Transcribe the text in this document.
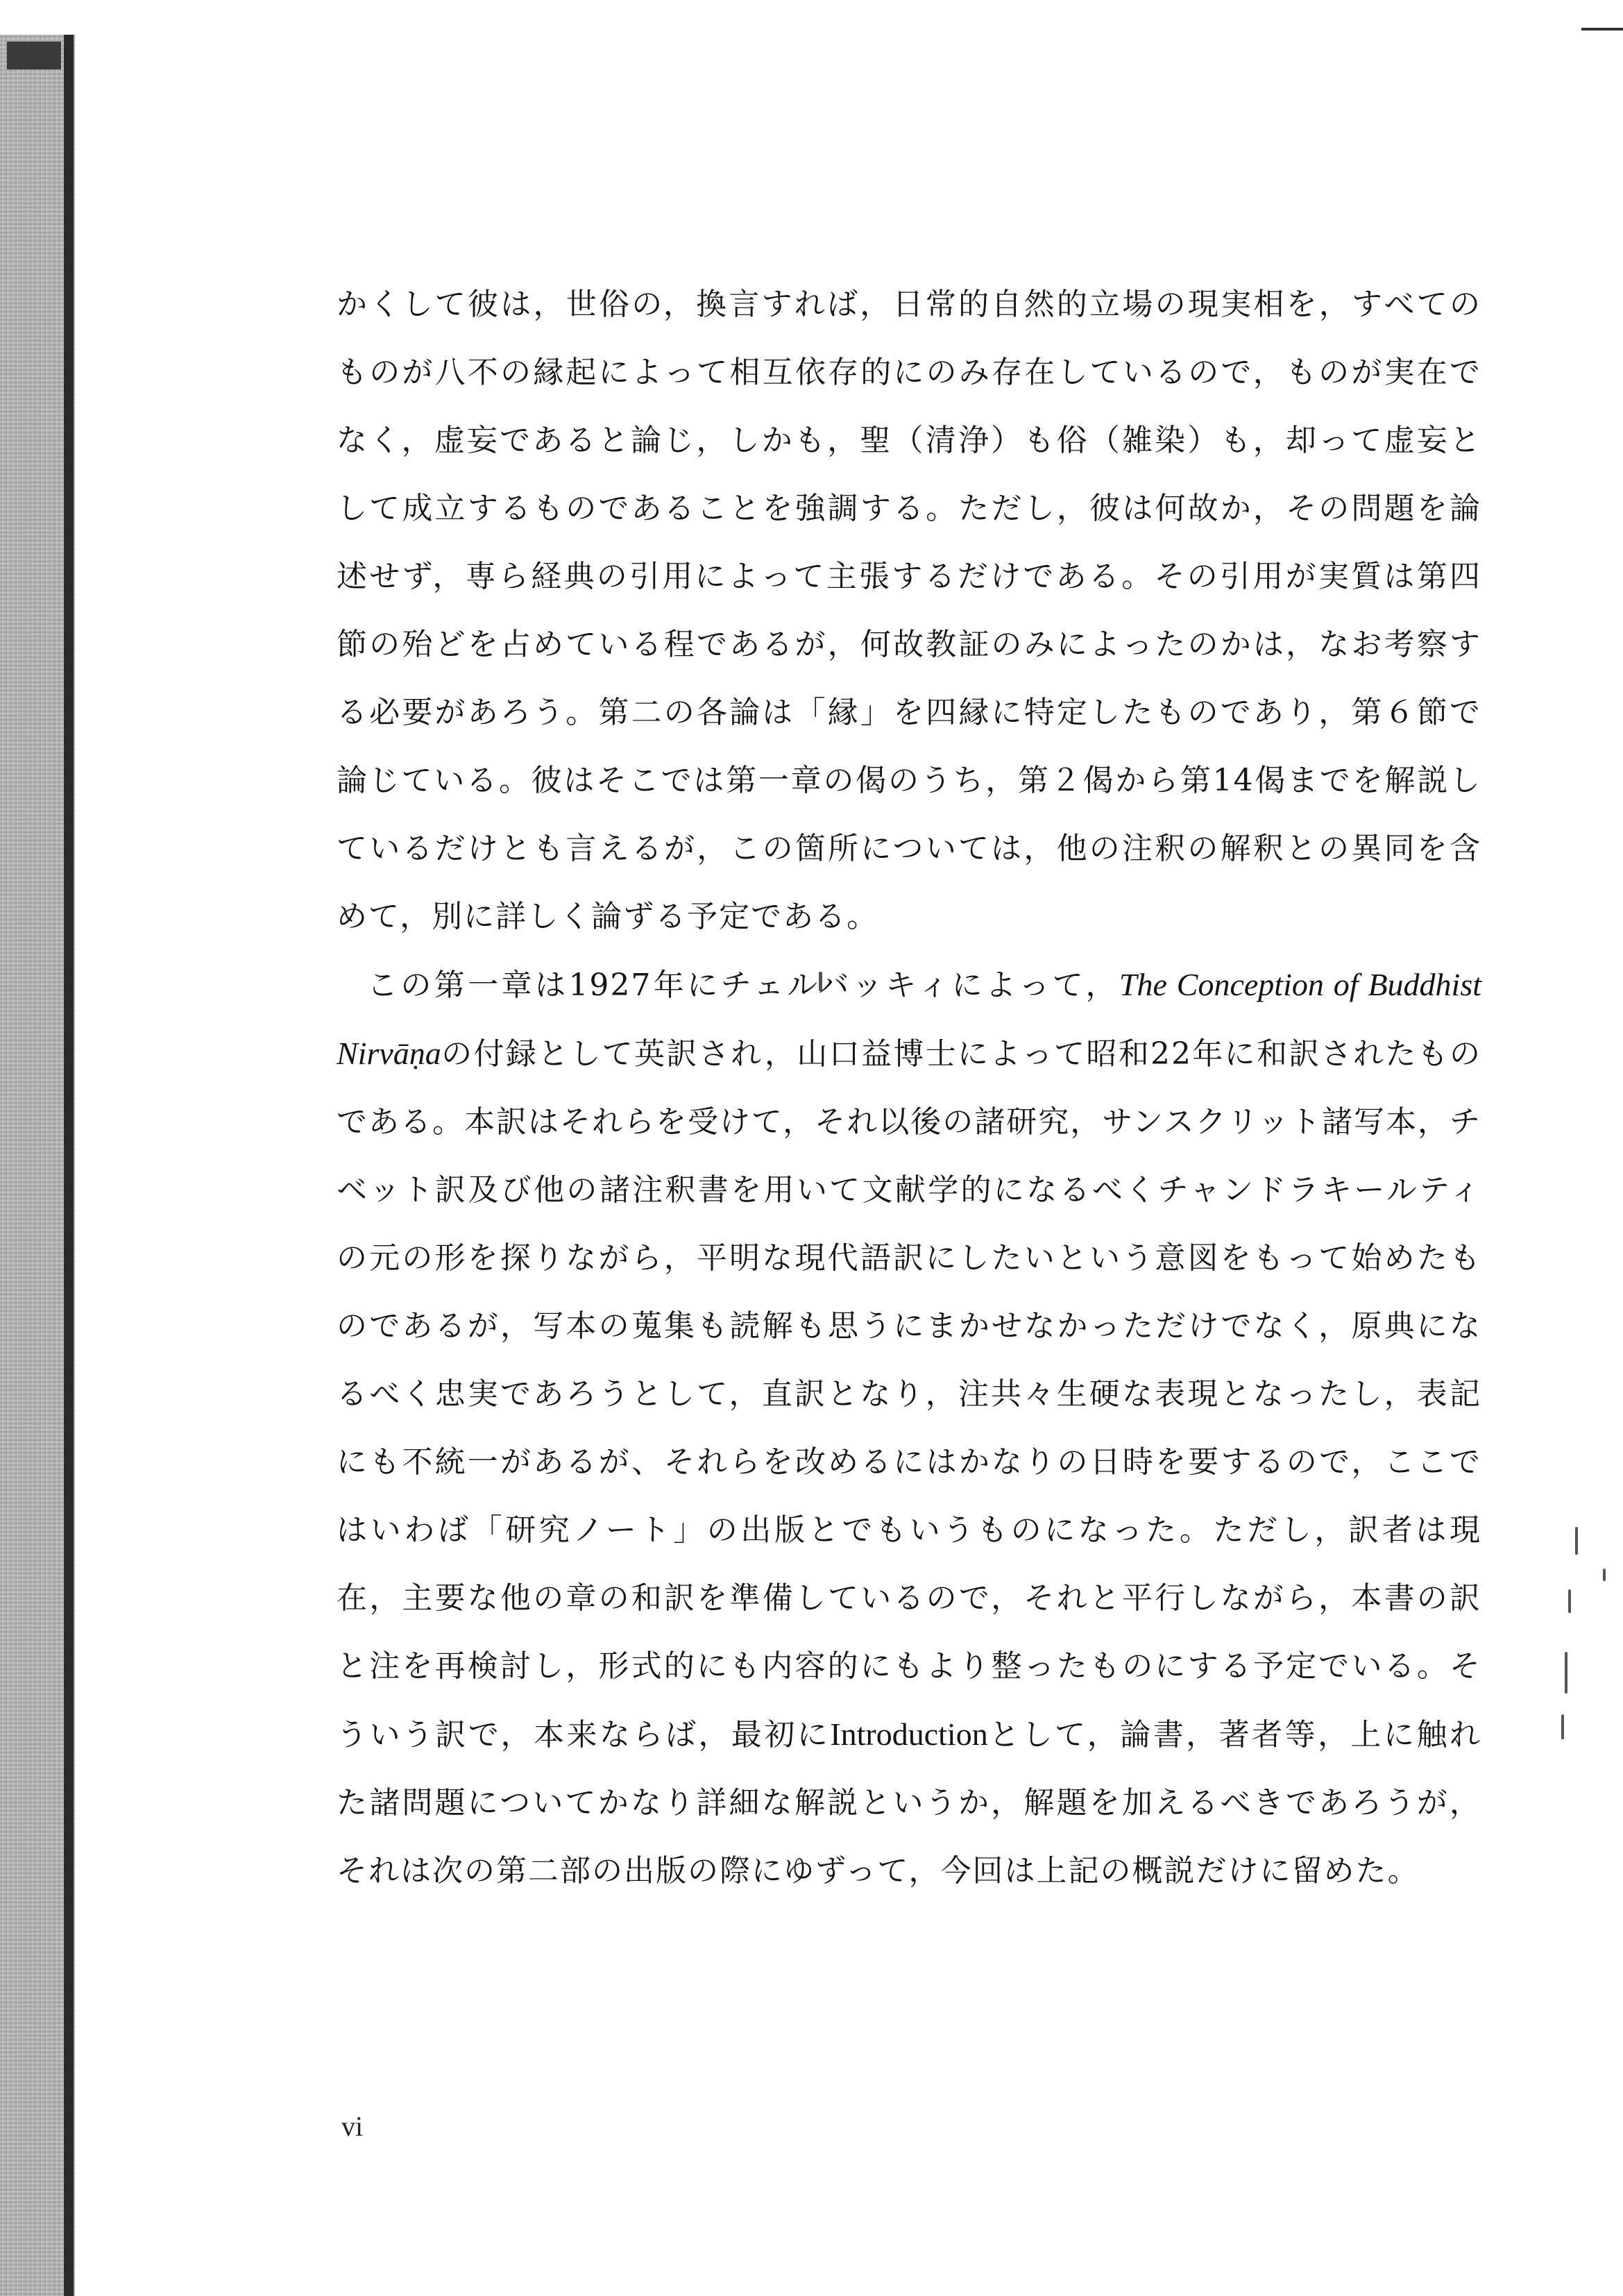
かくして彼は，世俗の，換言すれば，日常的自然的立場の現実相を，すべてのものが八不の縁起によって相互依存的にのみ存在しているので，ものが実在でなく，虚妄であると論じ，しかも，聖（清浄）も俗（雑染）も，却って虚妄として成立するものであることを強調する。ただし，彼は何故か，その問題を論述せず，専ら経典の引用によって主張するだけである。その引用が実質は第四節の殆どを占めている程であるが，何故教証のみによったのかは，なお考察する必要があろう。第二の各論は「縁」を四縁に特定したものであり，第６節で論じている。彼はそこでは第一章の偈のうち，第２偈から第14偈までを解説しているだけとも言えるが，この箇所については，他の注釈の解釈との異同を含めて，別に詳しく論ずる予定である。

この第一章は1927年にチェルバッキィによって，The Conception of Buddhist Nirvāṇaの付録として英訳され，山口益博士によって昭和22年に和訳されたものである。本訳はそれらを受けて，それ以後の諸研究，サンスクリット諸写本，チベット訳及び他の諸注釈書を用いて文献学的になるべくチャンドラキールティの元の形を探りながら，平明な現代語訳にしたいという意図をもって始めたものであるが，写本の蒐集も読解も思うにまかせなかっただけでなく，原典になるべく忠実であろうとして，直訳となり，注共々生硬な表現となったし，表記にも不統一があるが、それらを改めるにはかなりの日時を要するので，ここではいわば「研究ノート」の出版とでもいうものになった。ただし，訳者は現在，主要な他の章の和訳を準備しているので，それと平行しながら，本書の訳と注を再検討し，形式的にも内容的にもより整ったものにする予定でいる。そういう訳で，本来ならば，最初にIntroductionとして，論書，著者等，上に触れた諸問題についてかなり詳細な解説というか，解題を加えるべきであろうが，それは次の第二部の出版の際にゆずって，今回は上記の概説だけに留めた。

vi
